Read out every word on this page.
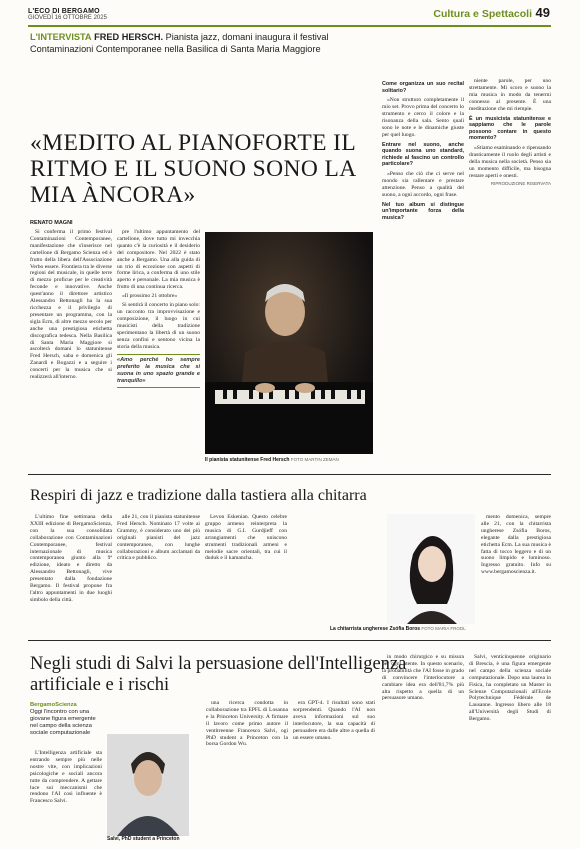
L'ECO DI BERGAMO
GIOVEDÌ 16 OTTOBRE 2025	Cultura e Spettacoli 49
L'INTERVISTA FRED HERSCH. Pianista jazz, domani inaugura il festival Contaminazioni Contemporanee nella Basilica di Santa Maria Maggiore
«MEDITO AL PIANOFORTE IL RITMO E IL SUONO SONO LA MIA ÀNCORA»
RENATO MAGNI

Si conferma il primo festival Contaminazioni Contemporanee, manifestazione che s'inserisce nel cartellone di Bergamo Scienza ed è frutto della libera dell'Associazione Verbo essere. Frontiera tra le diverse regioni del musicale, in quelle terre di mezzo proficue per le creatività feconde e innovative. Anche quest'anno il direttore artistico Alessandro Bettonagli ha la sua ricchezza e il privilegio di presentare un programma, con la sigla Ecm, di altre mezzo secolo per anche una prestigiosa etichetta discografica tedesca. Nella Basilica di Santa Maria Maggiore si ascolterà domani lo statunitense Fred Hersch, saba e domenica gli Zanardi e Bogazzi e a seguire i concerti per la musica che si realizzerà all'interno.

pre l'ultimo appuntamento del cartellone, dove tutto mi invecchia quanto c'è la curiosità e il desiderio del compositore. Nel 2022 è stato anche a Bergamo. Una alla guida di un trio di eccezione con aspetti di forme lirica, a conferma di uno stile aperto e personale. La mia musica è frutto di una continua ricerca.

«Il prossimo 21 ottobre»

Si sentirà il concerto in piano solo: un racconto tra improvvisazione e composizione, il luogo in cui musicisti della tradizione sperimentano la libertà di un suono senza confini e sentono vicina la storia della musica.

«Amo perché ho sempre preferito la musica che si suona in uno spazio grande e tranquillo»
Il pianista statunitense Fred Hersch FOTO MARTIN ZEMAN
Come organizza un suo recital solitario?

«Non strutturo completamente il mio set. Provo prima del concerto lo strumento e cerco il colore e la risonanza della sala. Sento quali sono le note e le dinamiche giuste per quel luogo.

Entrare nel suono, anche quando suona uno standard, richiede al fascino un controllo particolare?

«Penso che ciò che ci serve nel mondo sia rallentare e prestare attenzione. Penso a qualità del suono, a ogni accordo, ogni frase.

Nel tuo album si distingue un'importante forza della musica?

niente parole, per uno strettamente. Mi scoro e suono la mia musica in modo da tenermi connesso al presente. È una meditazione che mi riempie.

È un musicista statunitense e sappiamo che le parole possono contare in questo momento?

«Stiamo esaminando e ripensando drasticamente il ruolo degli artisti e della musica nella società. Penso sia un momento difficile, ma bisogna restare aperti e onesti.

RIPRODUZIONE RISERVATA
Respiri di jazz e tradizione dalla tastiera alla chitarra

L'ultimo fine settimana della XXIII edizione di BergamoScienza, con la sua consolidata collaborazione con Contaminazioni Contemporanee, festival internazionale di musica contemporanea giunto alla 9ª edizione, ideato e diretto da Alessandro Bettonagli, vive presentato dalla fondazione Bergamo. Il festival propone fra l'altro appuntamenti in due luoghi simbolo della città.

alle 21, con il pianista statunitense Fred Hersch. Nominato 17 volte ai Grammy, è considerato uno dei più originali pianisti del jazz contemporaneo, con lunghe collaborazioni e album acclamati da critica e pubblico.

Levon Eskenian. Questo celebre gruppo armeno reinterpreta la musica di G.I. Gurdjieff con arrangiamenti che uniscono strumenti tradizionali armeni e melodie sacre orientali, tra cui il duduk e il kamancha.

La chitarrista ungherese Zsófia Boros FOTO MARIA FRODL

mento domenica, sempre alle 21, con la chitarrista ungherese Zsófia Boros, elegante dalla prestigiosa etichetta Ecm. La sua musica è fatta di tocco leggero e di un suono limpido e luminoso. Ingresso gratuito. Info su www.bergamoscienza.it.

Negli studi di Salvi la persuasione dell'Intelligenza artificiale e i rischi
BergamoScienza
Oggi l'incontro con una giovane figura emergente nel campo della scienza sociale computazionale

L'Intelligenza artificiale sta entrando sempre più nelle nostre vite, con implicazioni psicologiche e sociali ancora tutte da comprendere. A gettare luce sui meccanismi che rendono l'AI così influente è Francesco Salvi.

Salvi, PhD student a Princeton

una ricerca condotta in collaborazione tra EPFL di Losanna e la Princeton University. A firmare il lavoro come primo autore il ventitreenne Francesco Salvi, ogi PhD student a Princeton con la borsa Gordon Wu.

era GPT-4. I risultati sono stati sorprendenti. Quando l'AI non aveva informazioni sul suo interlocutore, la sua capacità di persuadere era dalle altre a quella di un essere umano.

in modo chirurgico e su misura per ogni utente. In questo scenario, la probabilità che l'AI fosse in grado di convincere l'interlocutore a cambiare idea era dell'81,7% più alta rispetto a quella di un persuasore umano.

Salvi, venticinquenne originario di Brescia, è una figura emergente nel campo della scienza sociale computazionale. Dopo una laurea in Fisica, ha completato un Master in Scienze Computazionali all'Ecole Polytechnique Fédérale de Lausanne. Ingresso libero alle 18 all'Università degli Studi di Bergamo.
